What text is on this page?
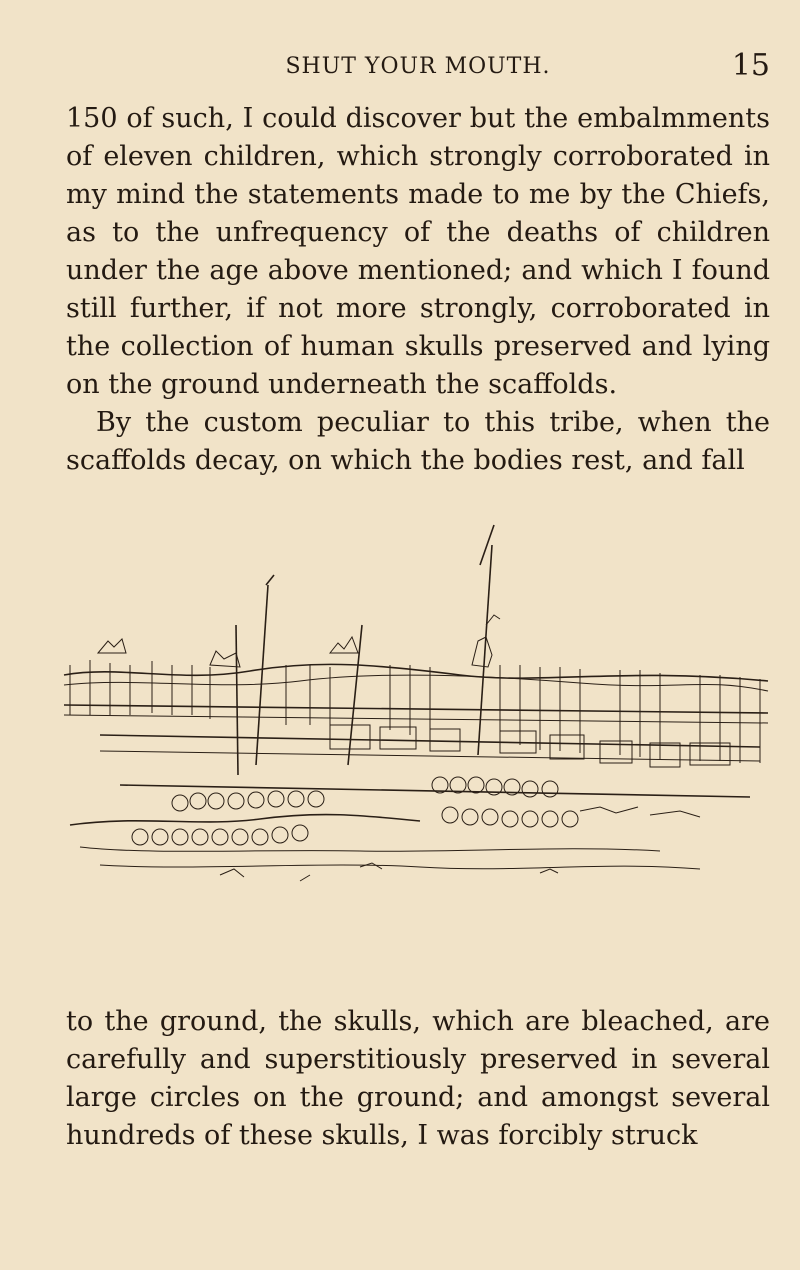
SHUT YOUR MOUTH.	15

150 of such, I could discover but the embalmments of eleven children, which strongly corroborated in my mind the statements made to me by the Chiefs, as to the unfrequency of the deaths of children under the age above mentioned; and which I found still further, if not more strongly, corroborated in the collection of human skulls preserved and lying on the ground underneath the scaffolds.

By the custom peculiar to this tribe, when the scaffolds decay, on which the bodies rest, and fall

to the ground, the skulls, which are bleached, are carefully and superstitiously preserved in several large circles on the ground; and amongst several hundreds of these skulls, I was forcibly struck
